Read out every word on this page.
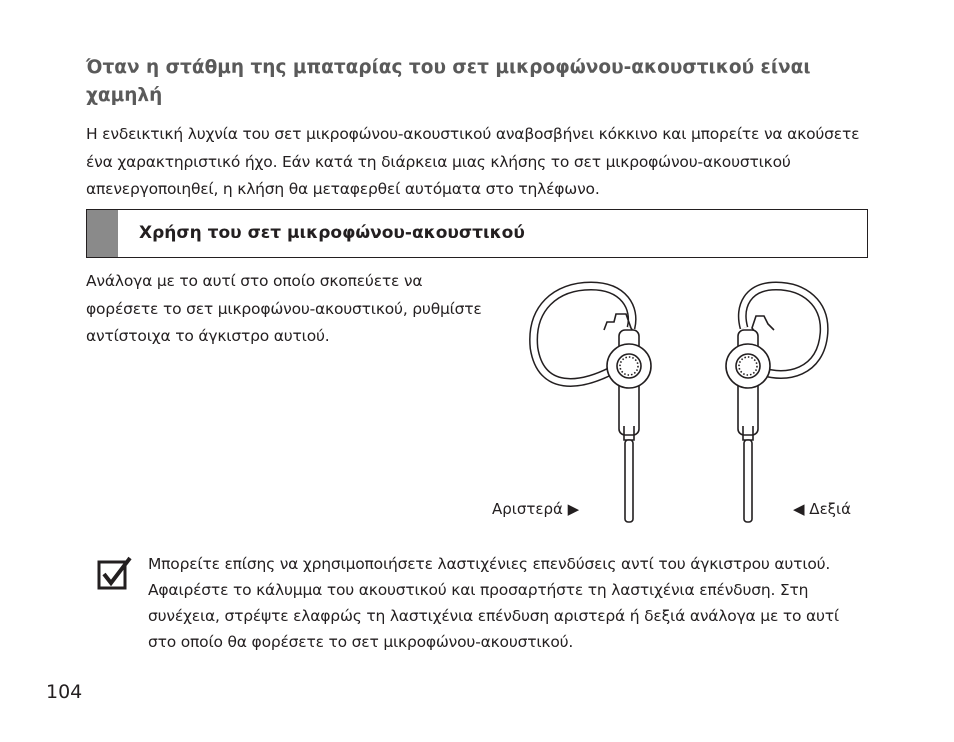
Όταν η στάθμη της μπαταρίας του σετ μικροφώνου-ακουστικού είναι χαμηλή
Η ενδεικτική λυχνία του σετ μικροφώνου-ακουστικού αναβοσβήνει κόκκινο και μπορείτε να ακούσετε ένα χαρακτηριστικό ήχο. Εάν κατά τη διάρκεια μιας κλήσης το σετ μικροφώνου-ακουστικού απενεργοποιηθεί, η κλήση θα μεταφερθεί αυτόματα στο τηλέφωνο.
Χρήση του σετ μικροφώνου-ακουστικού
Ανάλογα με το αυτί στο οποίο σκοπεύετε να φορέσετε το σετ μικροφώνου-ακουστικού, ρυθμίστε αντίστοιχα το άγκιστρο αυτιού.
Αριστερά ▶	◀ Δεξιά
Μπορείτε επίσης να χρησιμοποιήσετε λαστιχένιες επενδύσεις αντί του άγκιστρου αυτιού. Αφαιρέστε το κάλυμμα του ακουστικού και προσαρτήστε τη λαστιχένια επένδυση. Στη συνέχεια, στρέψτε ελαφρώς τη λαστιχένια επένδυση αριστερά ή δεξιά ανάλογα με το αυτί στο οποίο θα φορέσετε το σετ μικροφώνου-ακουστικού.
104
